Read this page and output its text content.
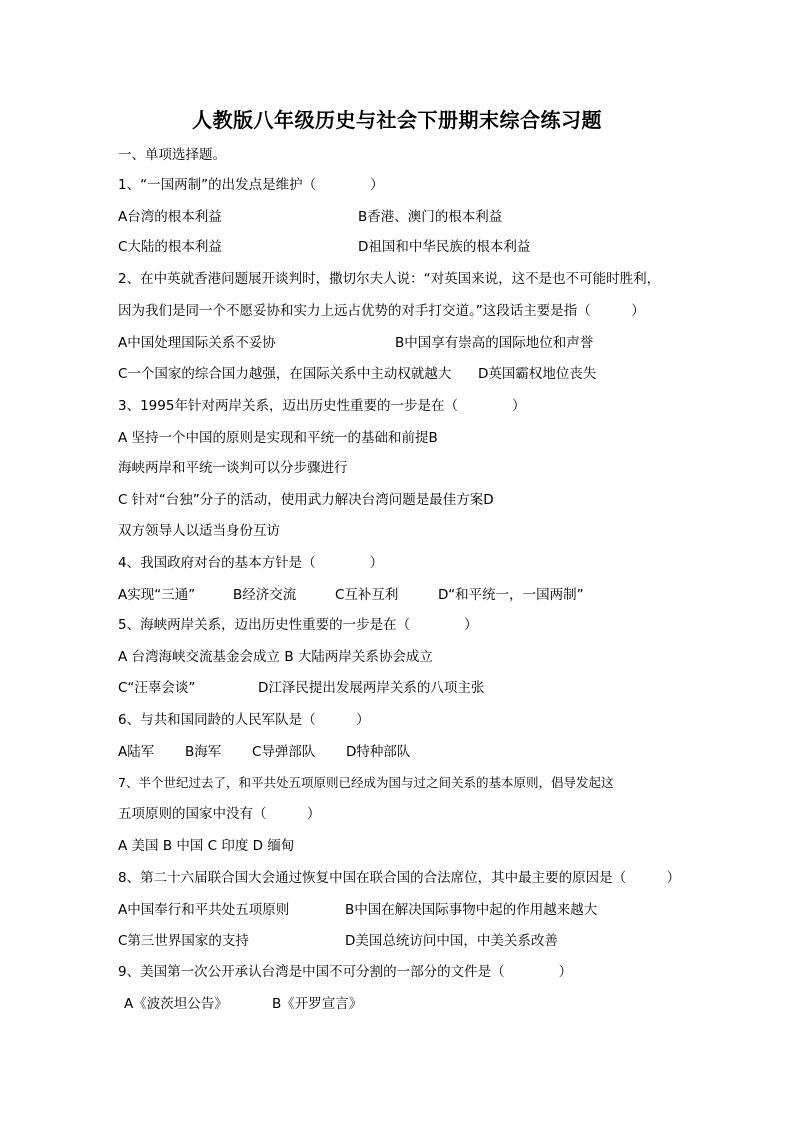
人教版八年级历史与社会下册期末综合练习题
一、单项选择题。
1、“一国两制”的出发点是维护（　　　　）
A台湾的根本利益	B香港、澳门的根本利益
C大陆的根本利益	D祖国和中华民族的根本利益
2、在中英就香港问题展开谈判时，撒切尔夫人说：“对英国来说，这不是也不可能时胜利，
因为我们是同一个不愿妥协和实力上远占优势的对手打交道。”这段话主要是指（　　　）
A中国处理国际关系不妥协	B中国享有崇高的国际地位和声誉
C一个国家的综合国力越强，在国际关系中主动权就越大 D英国霸权地位丧失
3、1995年针对两岸关系，迈出历史性重要的一步是在（　　　　）
A 坚持一个中国的原则是实现和平统一的基础和前提B
海峡两岸和平统一谈判可以分步骤进行
C 针对“台独”分子的活动，使用武力解决台湾问题是最佳方案D
双方领导人以适当身份互访
4、我国政府对台的基本方针是（　　　　）
A实现“三通”	B经济交流	C互补互利	D“和平统一，一国两制”
5、海峡两岸关系，迈出历史性重要的一步是在（　　　　）
A 台湾海峡交流基金会成立 B 大陆两岸关系协会成立
C“汪辜会谈”	D江泽民提出发展两岸关系的八项主张
6、与共和国同龄的人民军队是（　　　）
A陆军 B海军 C导弹部队 D特种部队
7、半个世纪过去了，和平共处五项原则已经成为国与过之间关系的基本原则，倡导发起这
五项原则的国家中没有（　　　）
A 美国 B 中国 C 印度 D 缅甸
8、第二十六届联合国大会通过恢复中国在联合国的合法席位，其中最主要的原因是（　　　）
A中国奉行和平共处五项原则	B中国在解决国际事物中起的作用越来越大
C第三世界国家的支持	D美国总统访问中国，中美关系改善
9、美国第一次公开承认台湾是中国不可分割的一部分的文件是（　　　　）
A《波茨坦公告》	B《开罗宣言》
